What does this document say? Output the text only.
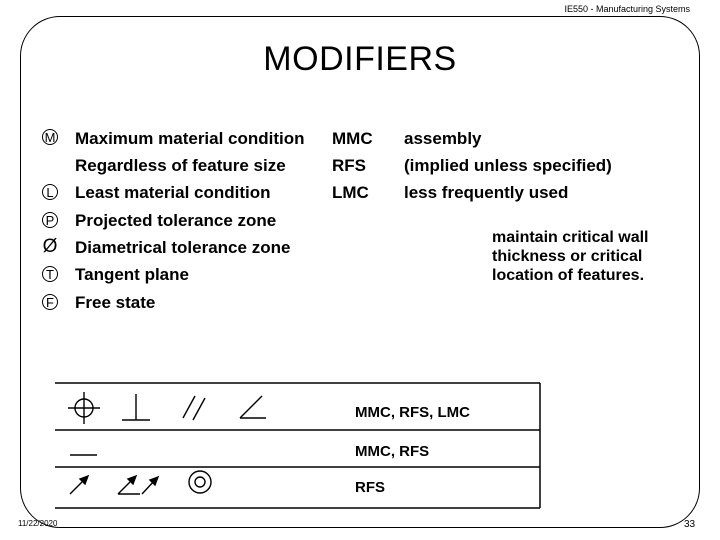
IE550 - Manufacturing Systems
MODIFIERS
M Maximum material condition MMC assembly
Regardless of feature size	RFS (implied unless specified)
L Least material condition	LMC less frequently used
P Projected tolerance zone
Ø Diametrical tolerance zone
T Tangent plane
F Free state
maintain critical wall thickness or critical location of features.
MMC, RFS, LMC
MMC, RFS
RFS
11/22/2020	33
